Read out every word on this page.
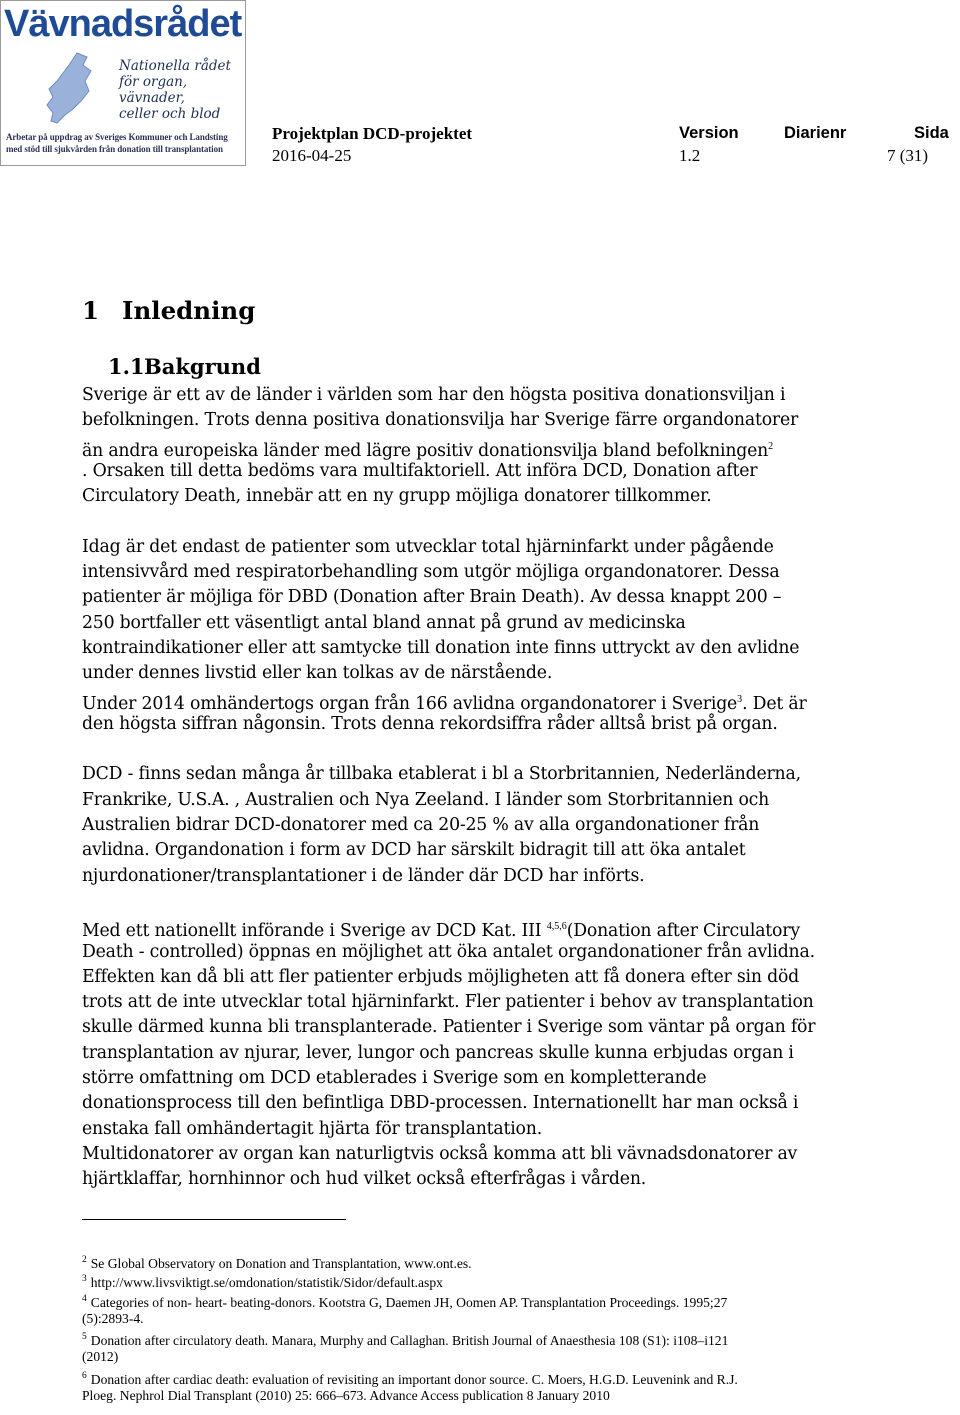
Vävnadsrådet
Nationella rådet
för organ, vävnader,
celler och blod
Arbetar på uppdrag av Sveriges Kommuner och Landsting
med stöd till sjukvården från donation till transplantation
Projektplan DCD-projektet	Version	Diarienr	Sida
2016-04-25	1.2	7 (31)
1 Inledning
1.1Bakgrund
Sverige är ett av de länder i världen som har den högsta positiva donationsviljan i
befolkningen. Trots denna positiva donationsvilja har Sverige färre organdonatorer
än andra europeiska länder med lägre positiv donationsvilja bland befolkningen$^2$
. Orsaken till detta bedöms vara multifaktoriell. Att införa DCD, Donation after
Circulatory Death, innebär att en ny grupp möjliga donatorer tillkommer.
Idag är det endast de patienter som utvecklar total hjärninfarkt under pågående
intensivvård med respiratorbehandling som utgör möjliga organdonatorer. Dessa
patienter är möjliga för DBD (Donation after Brain Death). Av dessa knappt 200 –
250 bortfaller ett väsentligt antal bland annat på grund av medicinska
kontraindikationer eller att samtycke till donation inte finns uttryckt av den avlidne
under dennes livstid eller kan tolkas av de närstående.
Under 2014 omhändertogs organ från 166 avlidna organdonatorer i Sverige$^3$. Det är
den högsta siffran någonsin. Trots denna rekordsiffra råder alltså brist på organ.
DCD - finns sedan många år tillbaka etablerat i bl a Storbritannien, Nederländerna,
Frankrike, U.S.A. , Australien och Nya Zeeland. I länder som Storbritannien och
Australien bidrar DCD-donatorer med ca 20-25 % av alla organdonationer från
avlidna. Organdonation i form av DCD har särskilt bidragit till att öka antalet
njurdonationer/transplantationer i de länder där DCD har införts.
Med ett nationellt införande i Sverige av DCD Kat. III $^{4,5,6}$(Donation after Circulatory
Death - controlled) öppnas en möjlighet att öka antalet organdonationer från avlidna.
Effekten kan då bli att fler patienter erbjuds möjligheten att få donera efter sin död
trots att de inte utvecklar total hjärninfarkt. Fler patienter i behov av transplantation
skulle därmed kunna bli transplanterade. Patienter i Sverige som väntar på organ för
transplantation av njurar, lever, lungor och pancreas skulle kunna erbjudas organ i
större omfattning om DCD etablerades i Sverige som en kompletterande
donationsprocess till den befintliga DBD-processen. Internationellt har man också i
enstaka fall omhändertagit hjärta för transplantation.
Multidonatorer av organ kan naturligtvis också komma att bli vävnadsdonatorer av
hjärtklaffar, hornhinnor och hud vilket också efterfrågas i vården.
$^2$ Se Global Observatory on Donation and Transplantation, www.ont.es.
$^3$ http://www.livsviktigt.se/omdonation/statistik/Sidor/default.aspx
$^4$ Categories of non- heart- beating-donors. Kootstra G, Daemen JH, Oomen AP. Transplantation Proceedings. 1995;27
(5):2893-4.
$^5$ Donation after circulatory death. Manara, Murphy and Callaghan. British Journal of Anaesthesia 108 (S1): i108–i121
(2012)
$^6$ Donation after cardiac death: evaluation of revisiting an important donor source. C. Moers, H.G.D. Leuvenink and R.J.
Ploeg. Nephrol Dial Transplant (2010) 25: 666–673. Advance Access publication 8 January 2010
